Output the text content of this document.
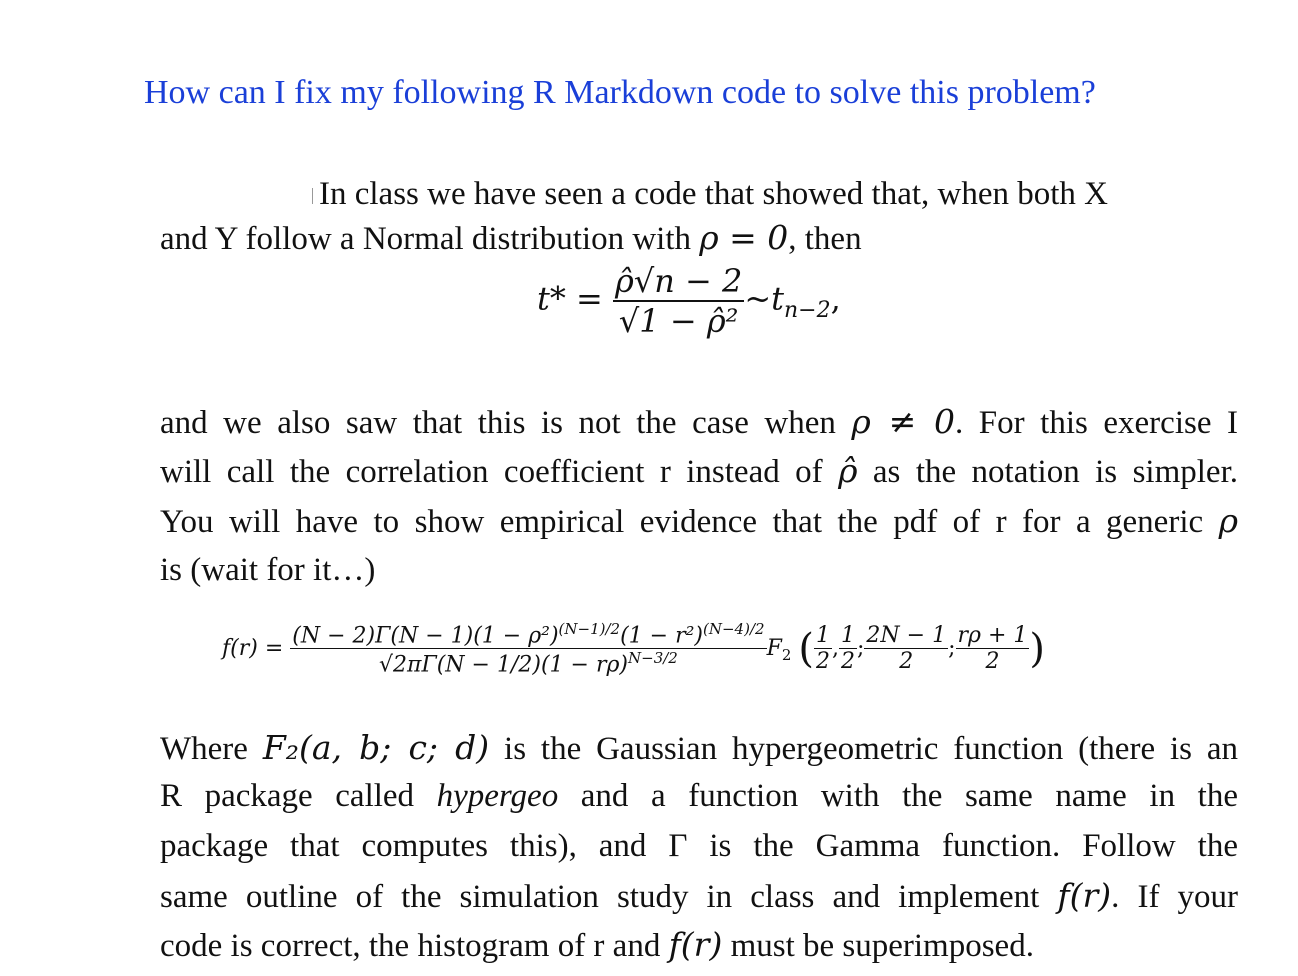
How can I fix my following R Markdown code to solve this problem?
In class we have seen a code that showed that, when both X
and Y follow a Normal distribution with ρ = 0, then
$t* = \frac{\rhô√n - 2}{\text{√1 − ρ̂²}}$ $\sim t_{n-2}$,
and we also saw that this is not the case when ρ ≠ 0. For this exercise I
will call the correlation coefficient r instead of ρ̂ as the notation is simpler.
You will have to show empirical evidence that the pdf of r for a generic ρ
is (wait for it…)
$f(r) = \frac{(N - 2)\Gamma(N - 1)(1 - \rho^2)^{(N-1)/2}(1 - r^2)^{(N-4)/2}}{√2\pi\Gamma(N - 1/2)(1 - r\rho)^{N-3/2}} F_2$ ( $\frac{1}{2}$ , $\frac{1}{2}$ ; $\frac{2N - 1}{2}$ ; $\frac{r\rho + 1}{2}$ )
Where F₂(a, b; c; d) is the Gaussian hypergeometric function (there is an
R package called hypergeo and a function with the same name in the
package that computes this), and Γ is the Gamma function. Follow the
same outline of the simulation study in class and implement f(r). If your
code is correct, the histogram of r and f(r) must be superimposed.
